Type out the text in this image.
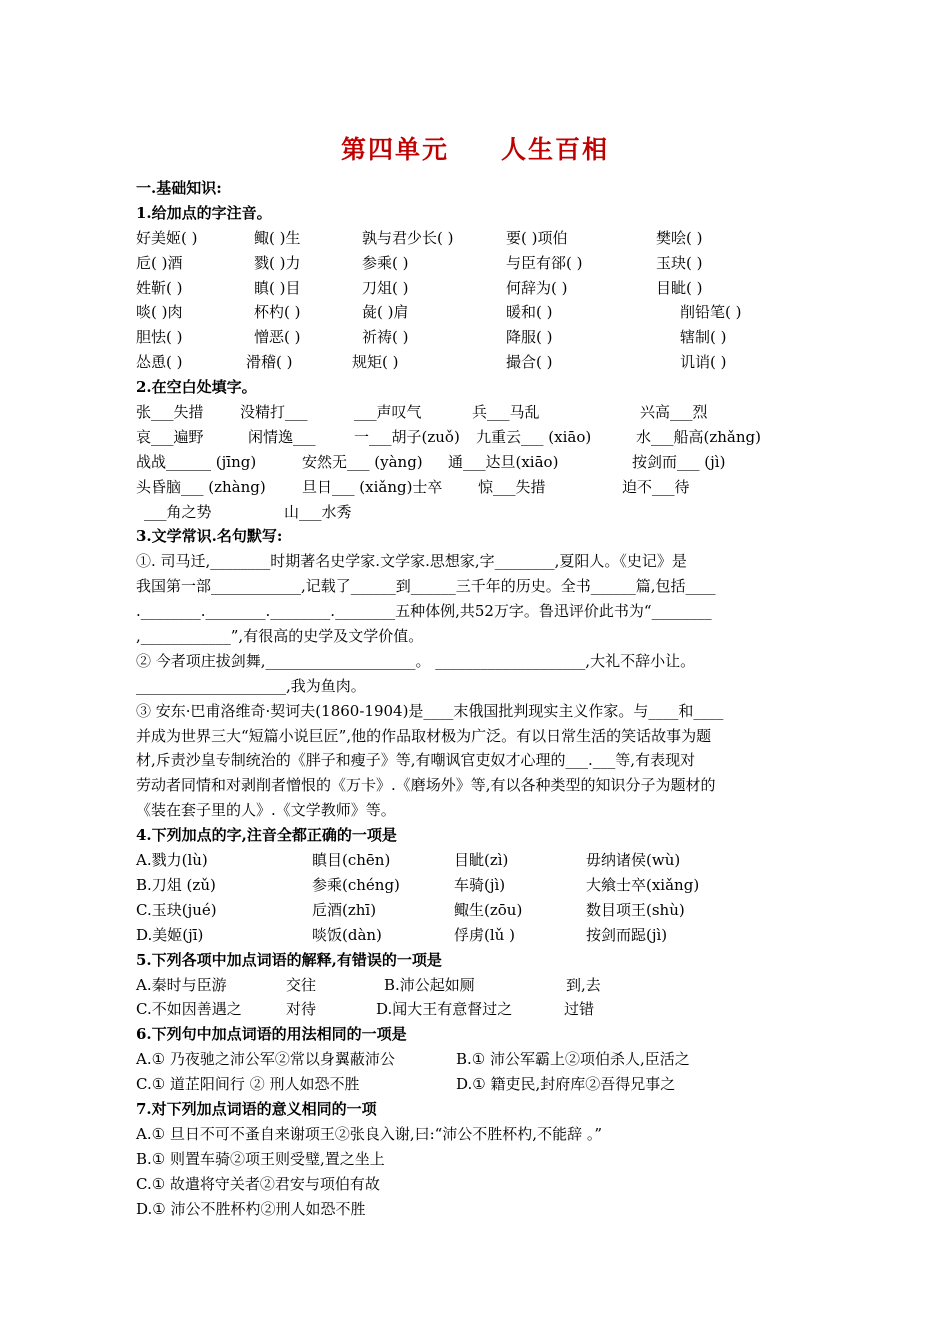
第四单元 人生百相
一.基础知识:
1.给加点的字注音。
好美姬( )	鲰( )生	孰与君少长( )	要( )项伯	樊哙( )
卮( )酒	戮( )力	参乘( )	与臣有郤( )	玉玦( )
姓靳( )	瞋( )目	刀俎( )	何辞为( )	目眦( )
啖( )肉	杯杓( )	彘( )肩	暖和( )	削铅笔( )
胆怯( )	憎恶( )	祈祷( )	降服( )	辖制( )
怂恿( )	滑稽( )	规矩( )	撮合( )	讥诮( )
2.在空白处填字。
张___失措 没精打___	___声叹气	兵___马乱	兴高___烈
哀___遍野	闲情逸___	一___胡子(zuǒ) 九重云___ (xiāo)	水___船高(zhǎng)
战战______ (jīng)	安然无___ (yàng) 通___达旦(xiāo)	按剑而___ (jì)
头昏脑___ (zhàng) 旦日___ (xiǎng)士卒 惊___失措	迫不___待
___角之势	山___水秀
3.文学常识.名句默写:
①. 司马迁,________时期著名史学家.文学家.思想家,字________,夏阳人。《史记》是
我国第一部____________,记载了______到______三千年的历史。全书______篇,包括____
.________.________.________.________五种体例,共52万字。鲁迅评价此书为“________
,____________”,有很高的史学及文学价值。
② 今者项庄拔剑舞,____________________。 ____________________,大礼不辞小让。
____________________,我为鱼肉。
③ 安东·巴甫洛维奇·契诃夫(1860-1904)是____末俄国批判现实主义作家。与____和____
并成为世界三大“短篇小说巨匠”,他的作品取材极为广泛。有以日常生活的笑话故事为题
材,斥责沙皇专制统治的《胖子和瘦子》等,有嘲讽官吏奴才心理的___.___等,有表现对
劳动者同情和对剥削者憎恨的《万卡》.《磨场外》等,有以各种类型的知识分子为题材的
《装在套子里的人》.《文学教师》等。
4.下列加点的字,注音全都正确的一项是
A.戮力(lù)	瞋目(chēn)	目眦(zì)	毋纳诸侯(wù)
B.刀俎 (zǔ)	参乘(chéng)	车骑(jì)	大飨士卒(xiǎng)
C.玉玦(jué)	卮酒(zhī)	鲰生(zōu)	数目项王(shù)
D.美姬(jī)	啖饭(dàn)	俘虏(lǔ )	按剑而跽(jì)
5.下列各项中加点词语的解释,有错误的一项是
A.秦时与臣游	交往	B.沛公起如厕	到,去
C.不如因善遇之	对待	D.闻大王有意督过之	过错
6.下列句中加点词语的用法相同的一项是
A.① 乃夜驰之沛公军②常以身翼蔽沛公	B.① 沛公军霸上②项伯杀人,臣活之
C.① 道芷阳间行 ② 刑人如恐不胜	D.① 籍吏民,封府库②吾得兄事之
7.对下列加点词语的意义相同的一项
A.① 旦日不可不蚤自来谢项王②张良入谢,曰:“沛公不胜杯杓,不能辞 。”
B.① 则置车骑②项王则受璧,置之坐上
C.① 故遣将守关者②君安与项伯有故
D.① 沛公不胜杯杓②刑人如恐不胜
